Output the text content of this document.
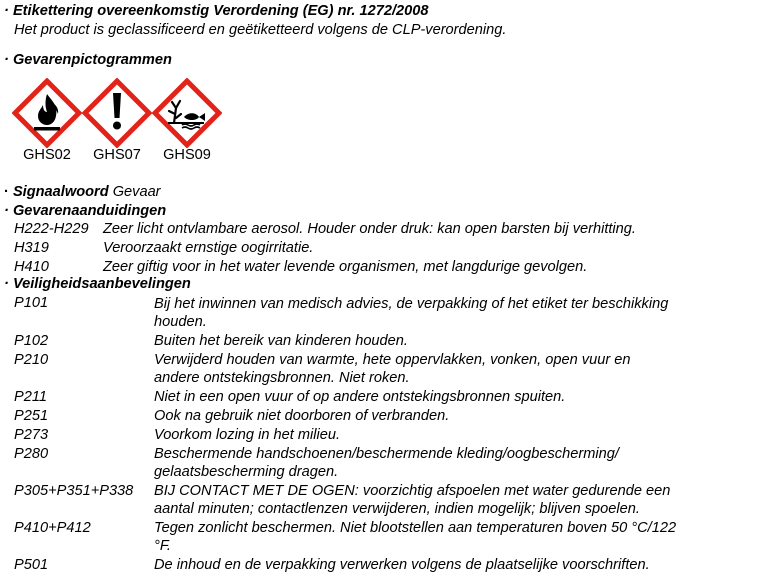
· Etikettering overeenkomstig Verordening (EG) nr. 1272/2008
Het product is geclassificeerd en geëtiketteerd volgens de CLP-verordening.
· Gevarenpictogrammen
GHS02	GHS07	GHS09
· Signaalwoord Gevaar
· Gevarenaanduidingen
H222-H229 Zeer licht ontvlambare aerosol. Houder onder druk: kan open barsten bij verhitting.
H319	Veroorzaakt ernstige oogirritatie.
H410	Zeer giftig voor in het water levende organismen, met langdurige gevolgen.
· Veiligheidsaanbevelingen
P101	Bij het inwinnen van medisch advies, de verpakking of het etiket ter beschikking
houden.
P102	Buiten het bereik van kinderen houden.
P210	Verwijderd houden van warmte, hete oppervlakken, vonken, open vuur en
andere ontstekingsbronnen. Niet roken.
P211	Niet in een open vuur of op andere ontstekingsbronnen spuiten.
P251	Ook na gebruik niet doorboren of verbranden.
P273	Voorkom lozing in het milieu.
P280	Beschermende handschoenen/beschermende kleding/oogbescherming/
gelaatsbescherming dragen.
P305+P351+P338 BIJ CONTACT MET DE OGEN: voorzichtig afspoelen met water gedurende een
aantal minuten; contactlenzen verwijderen, indien mogelijk; blijven spoelen.
P410+P412	Tegen zonlicht beschermen. Niet blootstellen aan temperaturen boven 50 °C/122
°F.
P501	De inhoud en de verpakking verwerken volgens de plaatselijke voorschriften.
